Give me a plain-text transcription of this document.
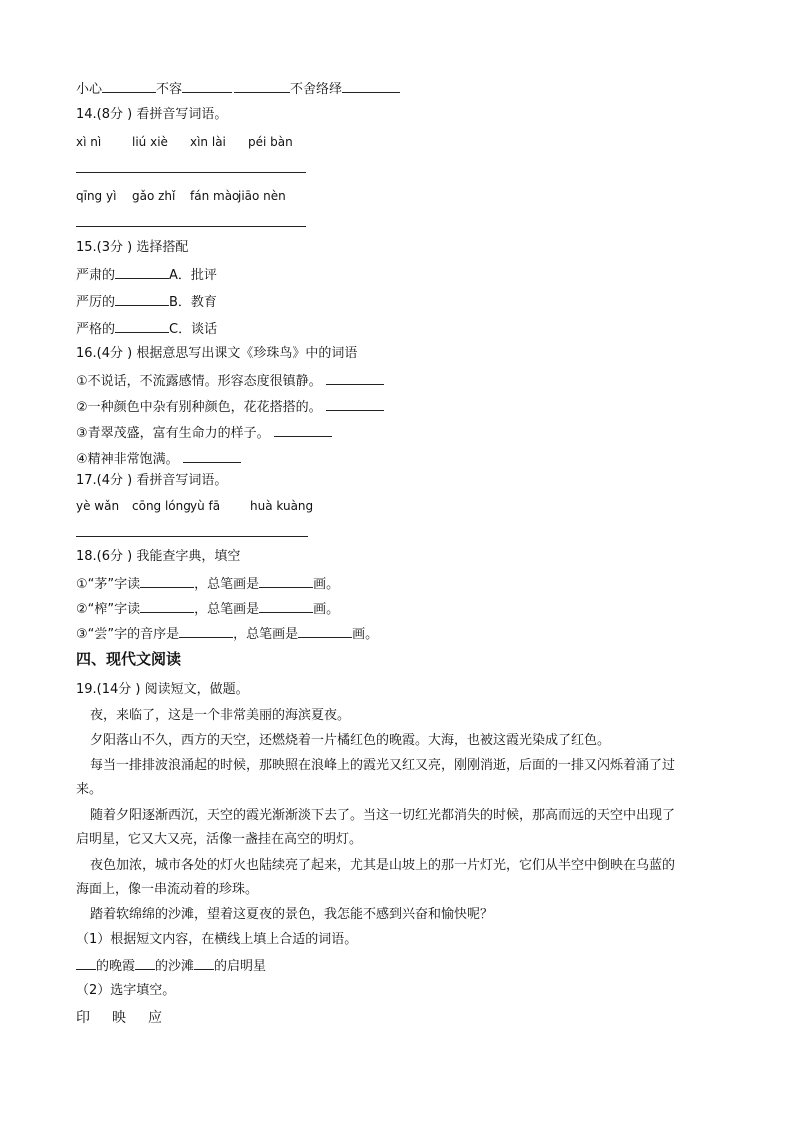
小心	不容	不舍络绎
14.(8分 ) 看拼音写词语。
xì nì	liú xiè xìn lài péi bàn
qīng yì gǎo zhǐ fán màojiāo nèn
15.(3分 ) 选择搭配
严肃的	A．批评
严厉的	B．教育
严格的	C．谈话
16.(4分 ) 根据意思写出课文《珍珠鸟》中的词语
①不说话，不流露感情。形容态度很镇静。
②一种颜色中杂有别种颜色，花花搭搭的。
③青翠茂盛，富有生命力的样子。
④精神非常饱满。
17.(4分 ) 看拼音写词语。
yè wǎn cōng lóngyù fā huà kuàng
18.(6分 ) 我能查字典，填空
①“茅”字读	，总笔画是	画。
②“榨”字读	，总笔画是	画。
③“尝”字的音序是	，总笔画是	画。
四、现代文阅读
19.(14分 ) 阅读短文，做题。
夜，来临了，这是一个非常美丽的海滨夏夜。
夕阳落山不久，西方的天空，还燃烧着一片橘红色的晚霞。大海，也被这霞光染成了红色。
每当一排排波浪涌起的时候，那映照在浪峰上的霞光又红又亮，刚刚消逝，后面的一排又闪烁着涌了过
来。
随着夕阳逐渐西沉，天空的霞光渐渐淡下去了。当这一切红光都消失的时候，那高而远的天空中出现了
启明星，它又大又亮，活像一盏挂在高空的明灯。
夜色加浓，城市各处的灯火也陆续亮了起来，尤其是山坡上的那一片灯光，它们从半空中倒映在乌蓝的
海面上，像一串流动着的珍珠。
踏着软绵绵的沙滩，望着这夏夜的景色，我怎能不感到兴奋和愉快呢？
（1）根据短文内容，在横线上填上合适的词语。
的晚霞 的沙滩 的启明星
（2）选字填空。
印 映 应
